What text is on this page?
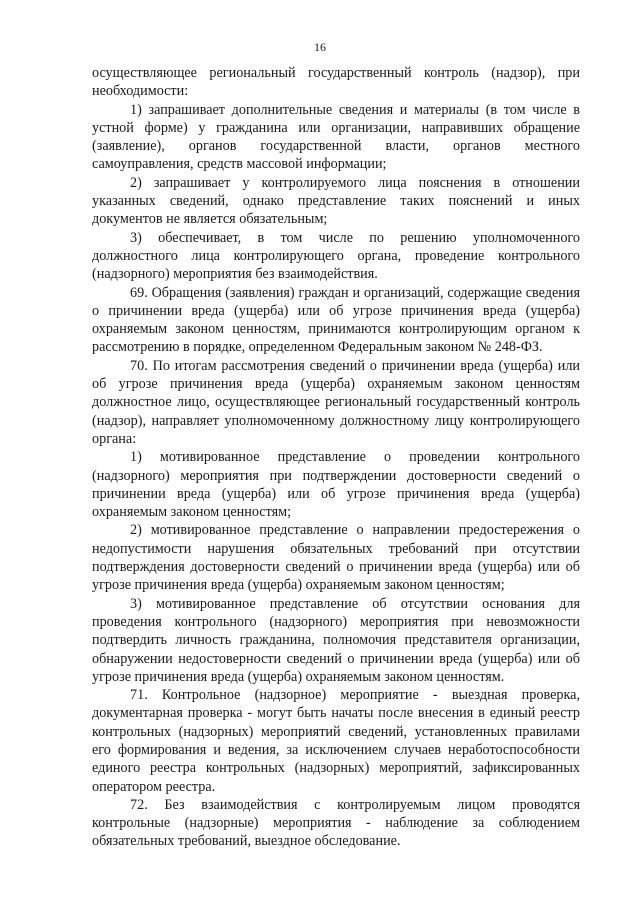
16

осуществляющее региональный государственный контроль (надзор), при необходимости:

1) запрашивает дополнительные сведения и материалы (в том числе в устной форме) у гражданина или организации, направивших обращение (заявление), органов государственной власти, органов местного самоуправления, средств массовой информации;

2) запрашивает у контролируемого лица пояснения в отношении указанных сведений, однако представление таких пояснений и иных документов не является обязательным;

3) обеспечивает, в том числе по решению уполномоченного должностного лица контролирующего органа, проведение контрольного (надзорного) мероприятия без взаимодействия.

69. Обращения (заявления) граждан и организаций, содержащие сведения о причинении вреда (ущерба) или об угрозе причинения вреда (ущерба) охраняемым законом ценностям, принимаются контролирующим органом к рассмотрению в порядке, определенном Федеральным законом № 248-ФЗ.

70. По итогам рассмотрения сведений о причинении вреда (ущерба) или об угрозе причинения вреда (ущерба) охраняемым законом ценностям должностное лицо, осуществляющее региональный государственный контроль (надзор), направляет уполномоченному должностному лицу контролирующего органа:

1) мотивированное представление о проведении контрольного (надзорного) мероприятия при подтверждении достоверности сведений о причинении вреда (ущерба) или об угрозе причинения вреда (ущерба) охраняемым законом ценностям;

2) мотивированное представление о направлении предостережения о недопустимости нарушения обязательных требований при отсутствии подтверждения достоверности сведений о причинении вреда (ущерба) или об угрозе причинения вреда (ущерба) охраняемым законом ценностям;

3) мотивированное представление об отсутствии основания для проведения контрольного (надзорного) мероприятия при невозможности подтвердить личность гражданина, полномочия представителя организации, обнаружении недостоверности сведений о причинении вреда (ущерба) или об угрозе причинения вреда (ущерба) охраняемым законом ценностям.

71. Контрольное (надзорное) мероприятие - выездная проверка, документарная проверка - могут быть начаты после внесения в единый реестр контрольных (надзорных) мероприятий сведений, установленных правилами его формирования и ведения, за исключением случаев неработоспособности единого реестра контрольных (надзорных) мероприятий, зафиксированных оператором реестра.

72. Без взаимодействия с контролируемым лицом проводятся контрольные (надзорные) мероприятия - наблюдение за соблюдением обязательных требований, выездное обследование.
